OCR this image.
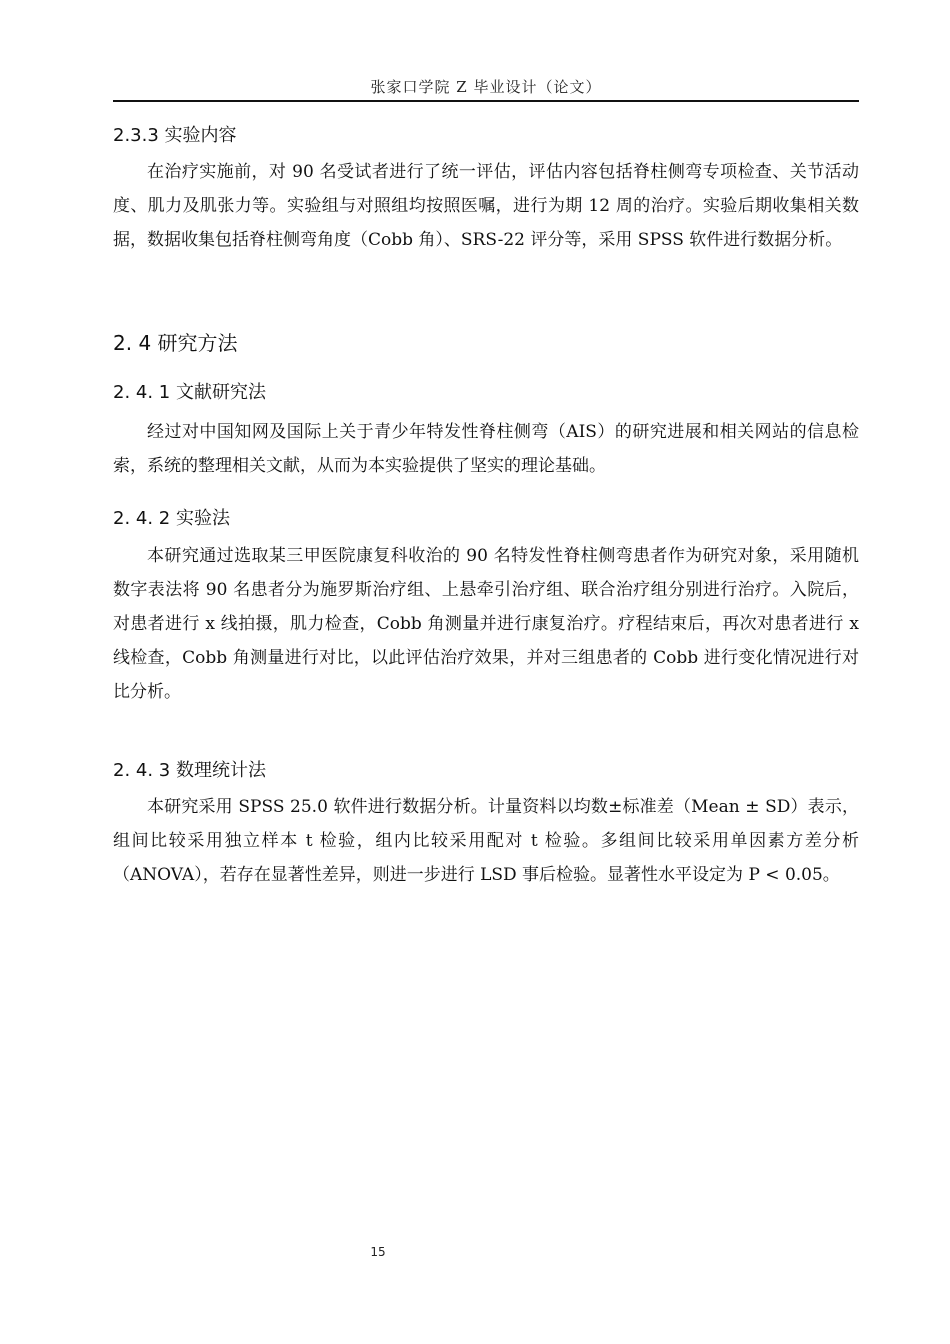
张家口学院 Z 毕业设计（论文）
2.3.3 实验内容
在治疗实施前，对 90 名受试者进行了统一评估，评估内容包括脊柱侧弯专项检查、关节活动度、肌力及肌张力等。实验组与对照组均按照医嘱，进行为期 12 周的治疗。实验后期收集相关数据，数据收集包括脊柱侧弯角度（Cobb 角）、SRS-22 评分等，采用 SPSS 软件进行数据分析。
2. 4 研究方法
2. 4. 1 文献研究法
经过对中国知网及国际上关于青少年特发性脊柱侧弯（AIS）的研究进展和相关网站的信息检索，系统的整理相关文献，从而为本实验提供了坚实的理论基础。
2. 4. 2 实验法
本研究通过选取某三甲医院康复科收治的 90 名特发性脊柱侧弯患者作为研究对象，采用随机数字表法将 90 名患者分为施罗斯治疗组、上悬牵引治疗组、联合治疗组分别进行治疗。入院后，对患者进行 x 线拍摄，肌力检查，Cobb 角测量并进行康复治疗。疗程结束后，再次对患者进行 x 线检查，Cobb 角测量进行对比，以此评估治疗效果，并对三组患者的 Cobb 进行变化情况进行对比分析。
2. 4. 3 数理统计法
本研究采用 SPSS 25.0 软件进行数据分析。计量资料以均数±标准差（Mean ± SD）表示，组间比较采用独立样本 t 检验，组内比较采用配对 t 检验。多组间比较采用单因素方差分析（ANOVA），若存在显著性差异，则进一步进行 LSD 事后检验。显著性水平设定为 P < 0.05。
15
